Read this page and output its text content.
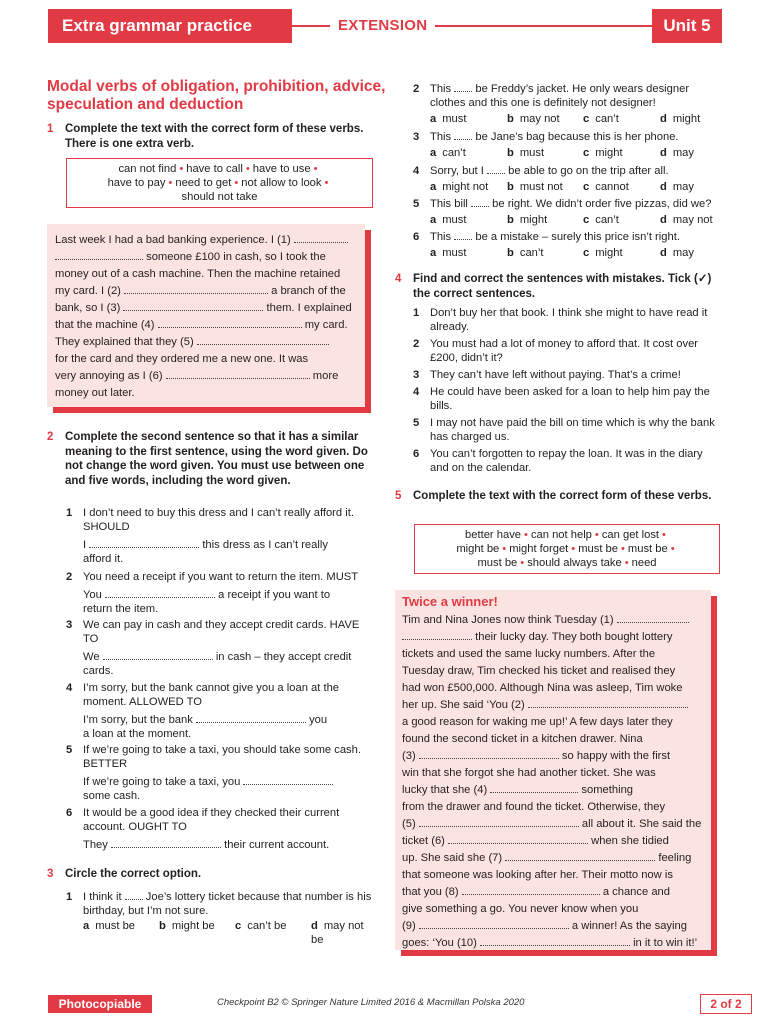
Extra grammar practice	EXTENSION	Unit 5
Modal verbs of obligation, prohibition, advice, speculation and deduction
1 Complete the text with the correct form of these verbs. There is one extra verb.
can not find • have to call • have to use •
have to pay • need to get • not allow to look •
should not take
Last week I had a bad banking experience. I (1)
someone £100 in cash, so I took the
money out of a cash machine. Then the machine retained
my card. I (2)	a branch of the
bank, so I (3)	them. I explained
that the machine (4)	my card.
They explained that they (5)
for the card and they ordered me a new one. It was
very annoying as I (6)	more
money out later.
2 Complete the second sentence so that it has a similar meaning to the first sentence, using the word given. Do not change the word given. You must use between one and five words, including the word given.
1 I don’t need to buy this dress and I can’t really afford it. SHOULD
I	this dress as I can’t really
afford it.
2 You need a receipt if you want to return the item. MUST
You	a receipt if you want to
return the item.
3 We can pay in cash and they accept credit cards. HAVE TO
We	in cash – they accept credit
cards.
4 I’m sorry, but the bank cannot give you a loan at the moment. ALLOWED TO
I’m sorry, but the bank	you
a loan at the moment.
5 If we’re going to take a taxi, you should take some cash. BETTER
If we’re going to take a taxi, you
some cash.
6 It would be a good idea if they checked their current account. OUGHT TO
They	their current account.
3 Circle the correct option.
1 I think it Joe’s lottery ticket because that number is his birthday, but I’m not sure.
a must be b might be c can’t be d may not be
2 This be Freddy’s jacket. He only wears designer clothes and this one is definitely not designer!
a must	b may not c can’t	d might
3 This be Jane’s bag because this is her phone.
a can’t	b must	c might	d may
4 Sorry, but I be able to go on the trip after all.
a might not b must not c cannot	d may
5 This bill be right. We didn’t order five pizzas, did we?
a must	b might	c can’t	d may not
6 This be a mistake – surely this price isn’t right.
a must	b can’t	c might	d may
4 Find and correct the sentences with mistakes. Tick (✓) the correct sentences.
1 Don’t buy her that book. I think she might to have read it already.
2 You must had a lot of money to afford that. It cost over £200, didn’t it?
3 They can’t have left without paying. That’s a crime!
4 He could have been asked for a loan to help him pay the bills.
5 I may not have paid the bill on time which is why the bank has charged us.
6 You can’t forgotten to repay the loan. It was in the diary and on the calendar.
5 Complete the text with the correct form of these verbs.
better have • can not help • can get lost •
might be • might forget • must be • must be •
must be • should always take • need
Twice a winner!
Tim and Nina Jones now think Tuesday (1)
their lucky day. They both bought lottery
tickets and used the same lucky numbers. After the
Tuesday draw, Tim checked his ticket and realised they
had won £500,000. Although Nina was asleep, Tim woke
her up. She said ‘You (2)
a good reason for waking me up!’ A few days later they
found the second ticket in a kitchen drawer. Nina
(3)	so happy with the first
win that she forgot she had another ticket. She was
lucky that she (4)	something
from the drawer and found the ticket. Otherwise, they
(5)	all about it. She said the
ticket (6)	when she tidied
up. She said she (7)	feeling
that someone was looking after her. Their motto now is
that you (8)	a chance and
give something a go. You never know when you
(9)	a winner! As the saying
goes: ‘You (10)	in it to win it!’
Photocopiable	Checkpoint B2 © Springer Nature Limited 2016 & Macmillan Polska 2020	2 of 2
